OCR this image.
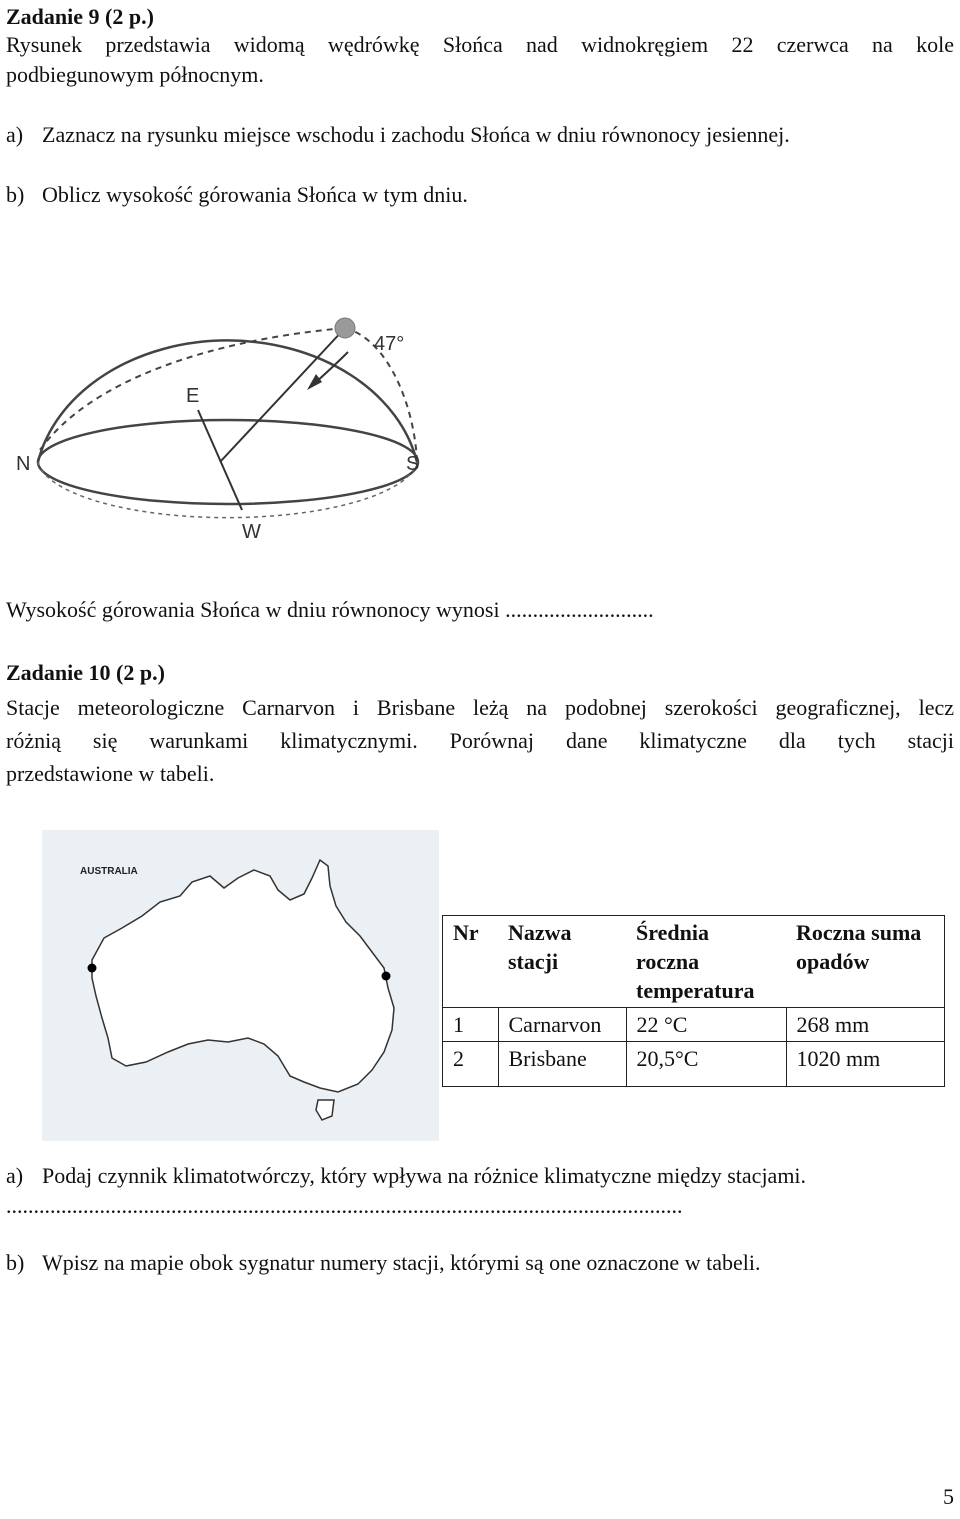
Zadanie 9 (2 p.)
Rysunek przedstawia widomą wędrówkę Słońca nad widnokręgiem 22 czerwca na kole
podbiegunowym północnym.
a) Zaznacz na rysunku miejsce wschodu i zachodu Słońca w dniu równonocy jesiennej.
b) Oblicz wysokość górowania Słońca w tym dniu.
47°
E
N	S
W
Wysokość górowania Słońca w dniu równonocy wynosi ...........................
Zadanie 10 (2 p.)
Stacje meteorologiczne Carnarvon i Brisbane leżą na podobnej szerokości geograficznej, lecz
różnią się warunkami klimatycznymi. Porównaj dane klimatyczne dla tych stacji
przedstawione w tabeli.
AUSTRALIA
Nr	Nazwa stacji	Średnia roczna temperatura	Roczna suma opadów
1	Carnarvon	22 °C	268 mm
2	Brisbane	20,5°C	1020 mm
a) Podaj czynnik klimatotwórczy, który wpływa na różnice klimatyczne między stacjami.
...........................................................................................................................
b) Wpisz na mapie obok sygnatur numery stacji, którymi są one oznaczone w tabeli.
5
